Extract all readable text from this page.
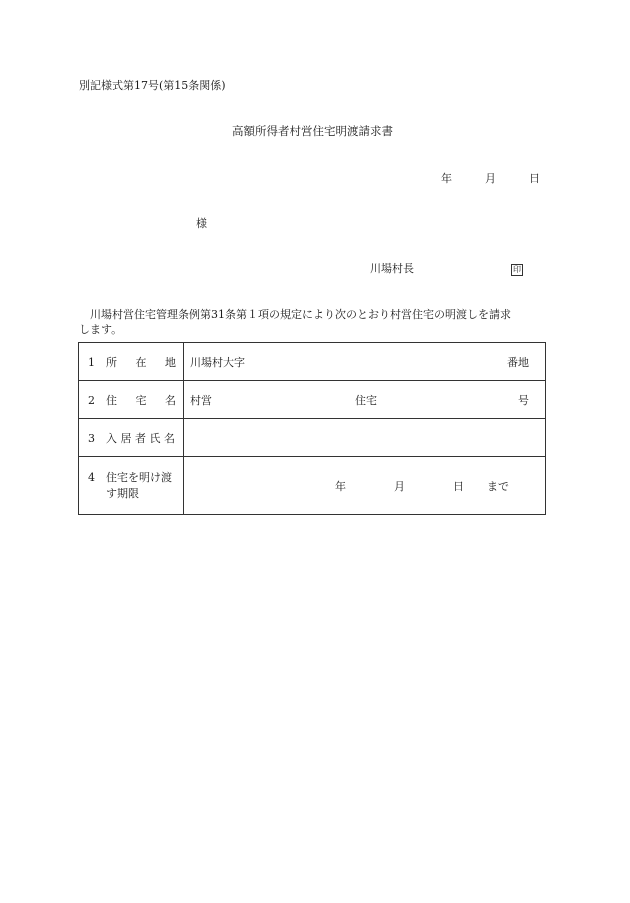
別記様式第17号(第15条関係)
高額所得者村営住宅明渡請求書
年	月	日
様
川場村長	印
川場村営住宅管理条例第31条第１項の規定により次のとおり村営住宅の明渡しを請求
します。
1 所 在 地	川場村大字 番地

2 住 宅 名	村営 住宅 号

3 入 居 者 氏 名	
4 住宅を明け渡
す期限	年 月 日 まで
